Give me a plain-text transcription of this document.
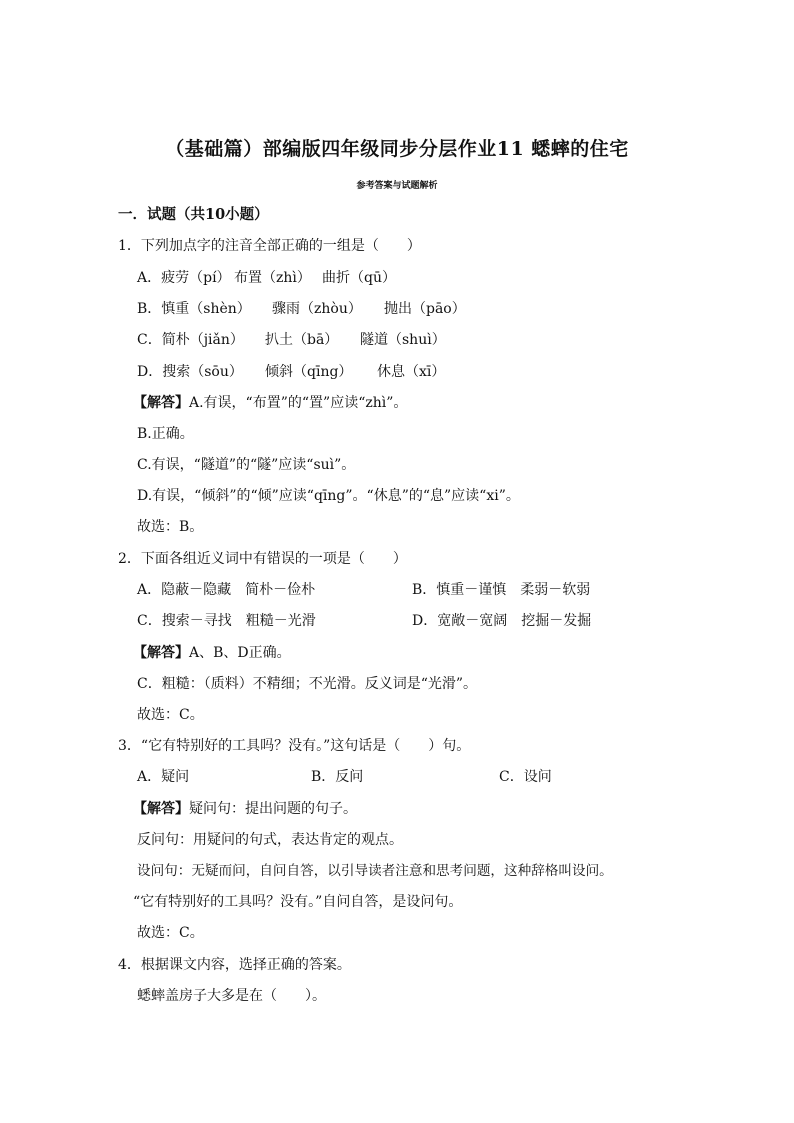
（基础篇）部编版四年级同步分层作业11 蟋蟀的住宅
参考答案与试题解析
一．试题（共10小题）
1．下列加点字的注音全部正确的一组是（　　）
A．疲劳（pí） 布置（zhì） 曲折（qū）
B．慎重（shèn） 骤雨（zhòu） 抛出（pāo）
C．简朴（jiǎn） 扒土（bā） 隧道（shuì）
D．搜索（sōu） 倾斜（qīng） 休息（xī）
【解答】A.有误，“布置”的“置”应读“zhì”。
B.正确。
C.有误，“隧道”的“隧”应读“suì”。
D.有误，“倾斜”的“倾”应读“qīng”。“休息”的“息”应读“xi”。
故选：B。
2．下面各组近义词中有错误的一项是（　　）
A．隐蔽－隐藏　简朴－俭朴	B．慎重－谨慎　柔弱－软弱
C．搜索－寻找　粗糙－光滑	D．宽敞－宽阔　挖掘－发掘
【解答】A、B、D正确。
C．粗糙：（质料）不精细；不光滑。反义词是“光滑”。
故选：C。
3．“它有特别好的工具吗？没有。”这句话是（　　）句。
A．疑问	B．反问	C．设问
【解答】疑问句：提出问题的句子。
反问句：用疑问的句式，表达肯定的观点。
设问句：无疑而问，自问自答，以引导读者注意和思考问题，这种辞格叫设问。
“它有特别好的工具吗？没有。”自问自答，是设问句。
故选：C。
4．根据课文内容，选择正确的答案。
蟋蟀盖房子大多是在（　　）。
